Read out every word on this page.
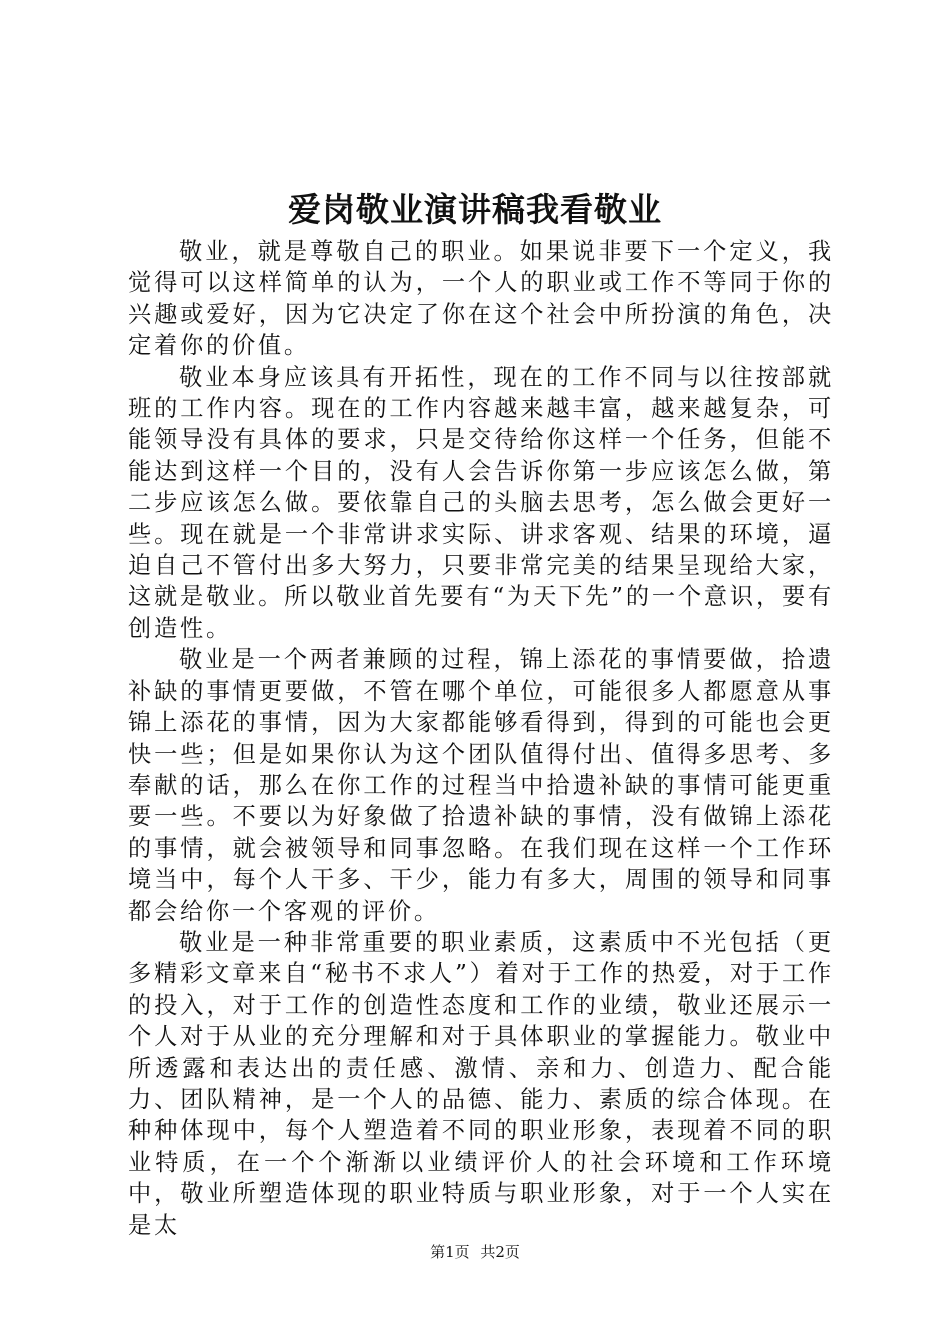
爱岗敬业演讲稿我看敬业

敬业，就是尊敬自己的职业。如果说非要下一个定义，我觉得可以这样简单的认为，一个人的职业或工作不等同于你的兴趣或爱好，因为它决定了你在这个社会中所扮演的角色，决定着你的价值。

敬业本身应该具有开拓性，现在的工作不同与以往按部就班的工作内容。现在的工作内容越来越丰富，越来越复杂，可能领导没有具体的要求，只是交待给你这样一个任务，但能不能达到这样一个目的，没有人会告诉你第一步应该怎么做，第二步应该怎么做。要依靠自己的头脑去思考，怎么做会更好一些。现在就是一个非常讲求实际、讲求客观、结果的环境，逼迫自己不管付出多大努力，只要非常完美的结果呈现给大家，这就是敬业。所以敬业首先要有“为天下先”的一个意识，要有创造性。

敬业是一个两者兼顾的过程，锦上添花的事情要做，拾遗补缺的事情更要做，不管在哪个单位，可能很多人都愿意从事锦上添花的事情，因为大家都能够看得到，得到的可能也会更快一些；但是如果你认为这个团队值得付出、值得多思考、多奉献的话，那么在你工作的过程当中拾遗补缺的事情可能更重要一些。不要以为好象做了拾遗补缺的事情，没有做锦上添花的事情，就会被领导和同事忽略。在我们现在这样一个工作环境当中，每个人干多、干少，能力有多大，周围的领导和同事都会给你一个客观的评价。

敬业是一种非常重要的职业素质，这素质中不光包括（更多精彩文章来自“秘书不求人”）着对于工作的热爱，对于工作的投入，对于工作的创造性态度和工作的业绩，敬业还展示一个人对于从业的充分理解和对于具体职业的掌握能力。敬业中所透露和表达出的责任感、激情、亲和力、创造力、配合能力、团队精神，是一个人的品德、能力、素质的综合体现。在种种体现中，每个人塑造着不同的职业形象，表现着不同的职业特质，在一个个渐渐以业绩评价人的社会环境和工作环境中，敬业所塑造体现的职业特质与职业形象，对于一个人实在是太

第1页 共2页
